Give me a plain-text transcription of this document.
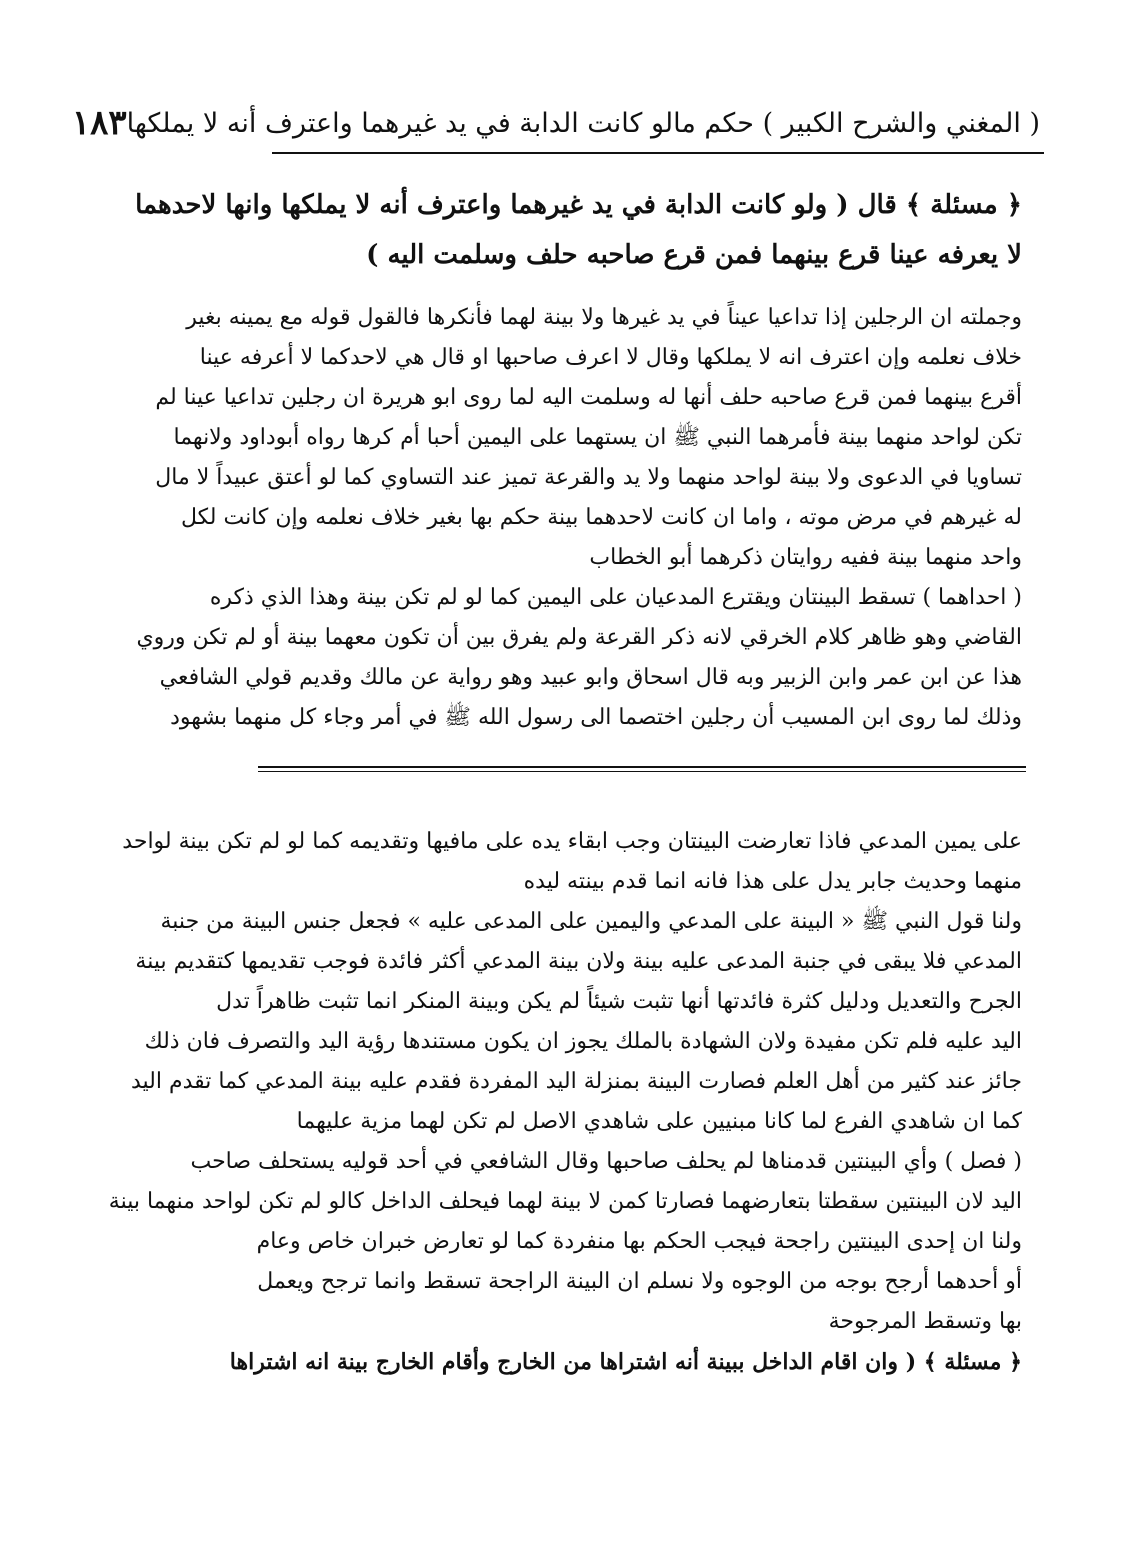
( المغني والشرح الكبير ) حكم مالو كانت الدابة في يد غيرهما واعترف أنه لا يملكها
١٨٣

﴿ مسئلة ﴾ قال ( ولو كانت الدابة في يد غيرهما واعترف أنه لا يملكها وانها لاحدهما

لا يعرفه عينا قرع بينهما فمن قرع صاحبه حلف وسلمت اليه )

وجملته ان الرجلين إذا تداعيا عيناً في يد غيرها ولا بينة لهما فأنكرها فالقول قوله مع يمينه بغير

خلاف نعلمه وإن اعترف انه لا يملكها وقال لا اعرف صاحبها او قال هي لاحدكما لا أعرفه عينا

أقرع بينهما فمن قرع صاحبه حلف أنها له وسلمت اليه لما روى ابو هريرة ان رجلين تداعيا عينا لم

تكن لواحد منهما بينة فأمرهما النبي ﷺ ان يستهما على اليمين أحبا أم كرها رواه أبوداود ولانهما

تساويا في الدعوى ولا بينة لواحد منهما ولا يد والقرعة تميز عند التساوي كما لو أعتق عبيداً لا مال

له غيرهم في مرض موته ، واما ان كانت لاحدهما بينة حكم بها بغير خلاف نعلمه وإن كانت لكل

واحد منهما بينة ففيه روايتان ذكرهما أبو الخطاب

( احداهما ) تسقط البينتان ويقترع المدعيان على اليمين كما لو لم تكن بينة وهذا الذي ذكره

القاضي وهو ظاهر كلام الخرقي لانه ذكر القرعة ولم يفرق بين أن تكون معهما بينة أو لم تكن وروي

هذا عن ابن عمر وابن الزبير وبه قال اسحاق وابو عبيد وهو رواية عن مالك وقديم قولي الشافعي

وذلك لما روى ابن المسيب أن رجلين اختصما الى رسول الله ﷺ في أمر وجاء كل منهما بشهود

على يمين المدعي فاذا تعارضت البينتان وجب ابقاء يده على مافيها وتقديمه كما لو لم تكن بينة لواحد

منهما وحديث جابر يدل على هذا فانه انما قدم بينته ليده

ولنا قول النبي ﷺ « البينة على المدعي واليمين على المدعى عليه » فجعل جنس البينة من جنبة

المدعي فلا يبقى في جنبة المدعى عليه بينة ولان بينة المدعي أكثر فائدة فوجب تقديمها كتقديم بينة

الجرح والتعديل ودليل كثرة فائدتها أنها تثبت شيئاً لم يكن وبينة المنكر انما تثبت ظاهراً تدل

اليد عليه فلم تكن مفيدة ولان الشهادة بالملك يجوز ان يكون مستندها رؤية اليد والتصرف فان ذلك

جائز عند كثير من أهل العلم فصارت البينة بمنزلة اليد المفردة فقدم عليه بينة المدعي كما تقدم اليد

كما ان شاهدي الفرع لما كانا مبنيين على شاهدي الاصل لم تكن لهما مزية عليهما

( فصل ) وأي البينتين قدمناها لم يحلف صاحبها وقال الشافعي في أحد قوليه يستحلف صاحب

اليد لان البينتين سقطتا بتعارضهما فصارتا كمن لا بينة لهما فيحلف الداخل كالو لم تكن لواحد منهما بينة

ولنا ان إحدى البينتين راجحة فيجب الحكم بها منفردة كما لو تعارض خبران خاص وعام

أو أحدهما أرجح بوجه من الوجوه ولا نسلم ان البينة الراجحة تسقط وانما ترجح ويعمل

بها وتسقط المرجوحة

﴿ مسئلة ﴾ ( وان اقام الداخل ببينة أنه اشتراها من الخارج وأقام الخارج بينة انه اشتراها
